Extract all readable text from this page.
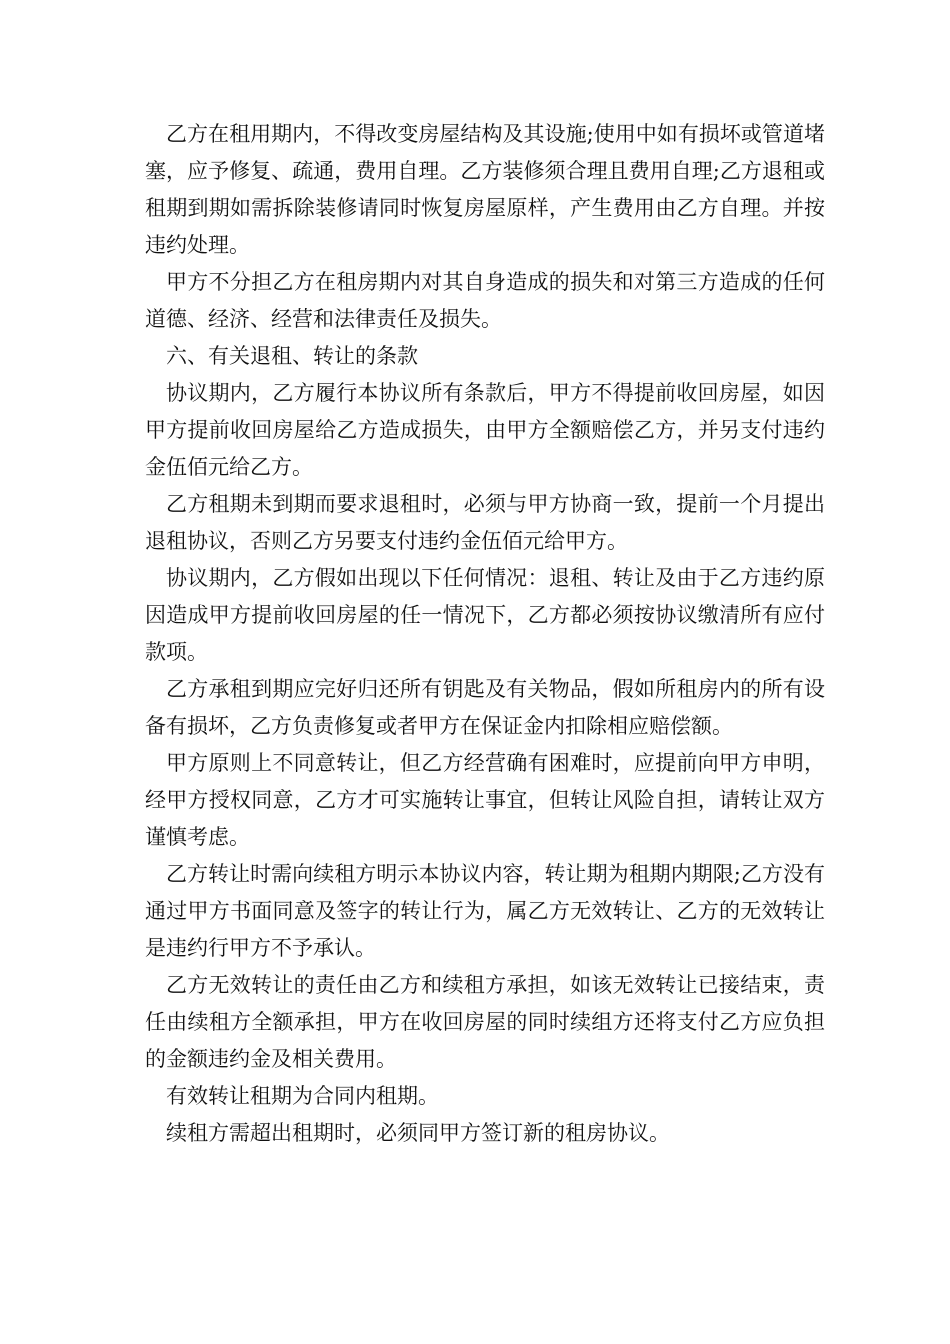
乙方在租用期内，不得改变房屋结构及其设施;使用中如有损坏或管道堵塞，应予修复、疏通，费用自理。乙方装修须合理且费用自理;乙方退租或租期到期如需拆除装修请同时恢复房屋原样，产生费用由乙方自理。并按违约处理。

甲方不分担乙方在租房期内对其自身造成的损失和对第三方造成的任何道德、经济、经营和法律责任及损失。

六、有关退租、转让的条款

协议期内，乙方履行本协议所有条款后，甲方不得提前收回房屋，如因甲方提前收回房屋给乙方造成损失，由甲方全额赔偿乙方，并另支付违约金伍佰元给乙方。

乙方租期未到期而要求退租时，必须与甲方协商一致，提前一个月提出退租协议，否则乙方另要支付违约金伍佰元给甲方。

协议期内，乙方假如出现以下任何情况：退租、转让及由于乙方违约原因造成甲方提前收回房屋的任一情况下，乙方都必须按协议缴清所有应付款项。

乙方承租到期应完好归还所有钥匙及有关物品，假如所租房内的所有设备有损坏，乙方负责修复或者甲方在保证金内扣除相应赔偿额。

甲方原则上不同意转让，但乙方经营确有困难时，应提前向甲方申明，经甲方授权同意，乙方才可实施转让事宜，但转让风险自担，请转让双方谨慎考虑。

乙方转让时需向续租方明示本协议内容，转让期为租期内期限;乙方没有通过甲方书面同意及签字的转让行为，属乙方无效转让、乙方的无效转让是违约行甲方不予承认。

乙方无效转让的责任由乙方和续租方承担，如该无效转让已接结束，责任由续租方全额承担，甲方在收回房屋的同时续组方还将支付乙方应负担的金额违约金及相关费用。

有效转让租期为合同内租期。

续租方需超出租期时，必须同甲方签订新的租房协议。
